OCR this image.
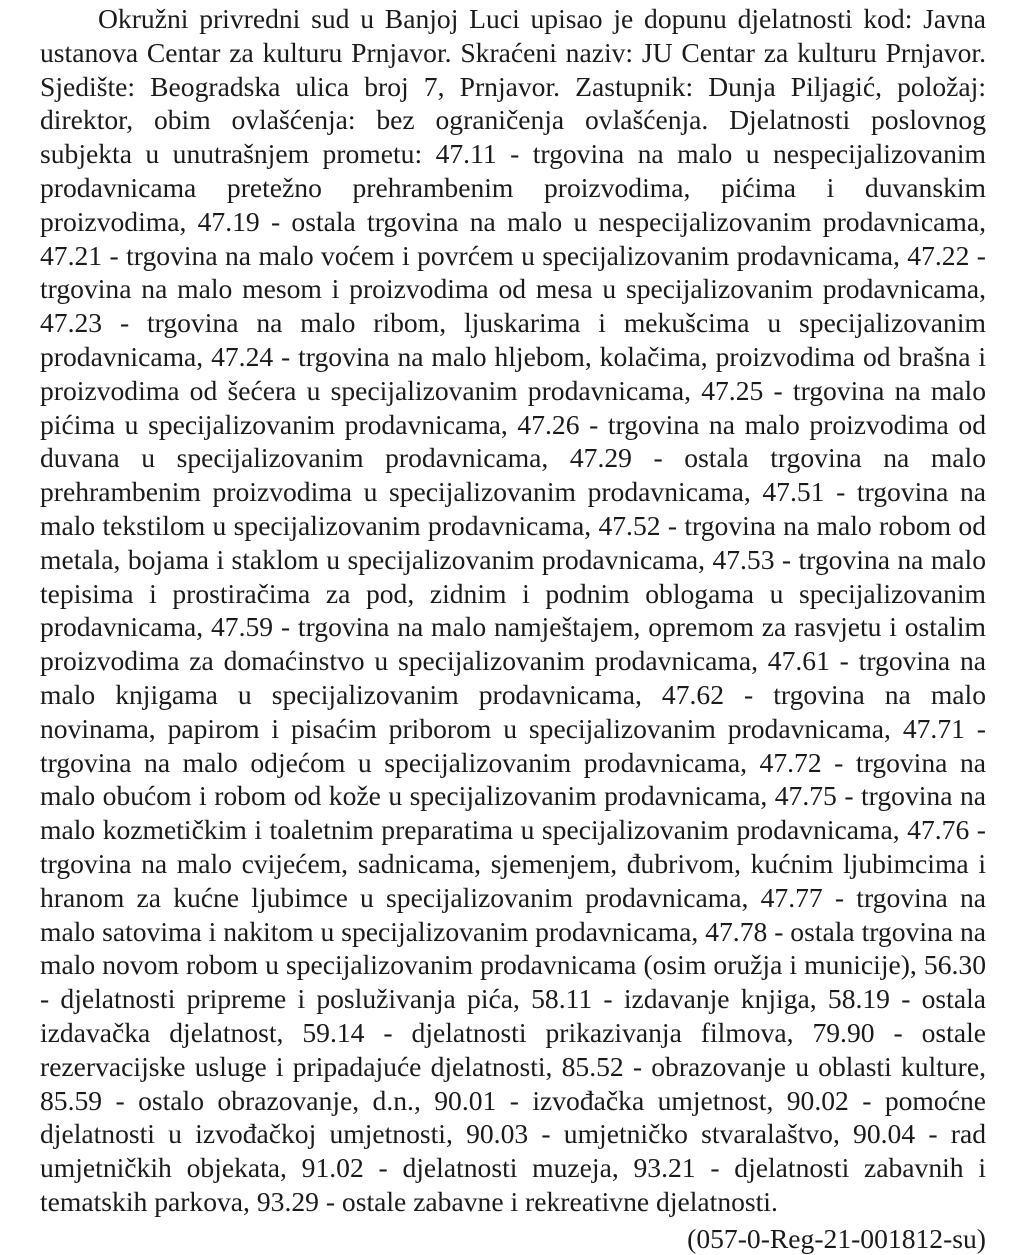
Okružni privredni sud u Banjoj Luci upisao je dopunu djelatnosti kod: Javna ustanova Centar za kulturu Prnjavor. Skraćeni naziv: JU Centar za kulturu Prnjavor. Sjedište: Beogradska ulica broj 7, Prnjavor. Zastupnik: Dunja Piljagić, položaj: direktor, obim ovlašćenja: bez ograničenja ovlašćenja. Djelatnosti poslovnog subjekta u unutrašnjem prometu: 47.11 - trgovina na malo u nespecijalizovanim prodavnicama pretežno prehrambenim proizvodima, pićima i duvanskim proizvodima, 47.19 - ostala trgovina na malo u nespecijalizovanim prodavnicama, 47.21 - trgovina na malo voćem i povrćem u specijalizovanim prodavnicama, 47.22 - trgovina na malo mesom i proizvodima od mesa u specijalizovanim prodavnicama, 47.23 - trgovina na malo ribom, ljuskarima i mekušcima u specijalizovanim prodavnicama, 47.24 - trgovina na malo hljebom, kolačima, proizvodima od brašna i proizvodima od šećera u specijalizovanim prodavnicama, 47.25 - trgovina na malo pićima u specijalizovanim prodavnicama, 47.26 - trgovina na malo proizvodima od duvana u specijalizovanim prodavnicama, 47.29 - ostala trgovina na malo prehrambenim proizvodima u specijalizovanim prodavnicama, 47.51 - trgovina na malo tekstilom u specijalizovanim prodavnicama, 47.52 - trgovina na malo robom od metala, bojama i staklom u specijalizovanim prodavnicama, 47.53 - trgovina na malo tepisima i prostiračima za pod, zidnim i podnim oblogama u specijalizovanim prodavnicama, 47.59 - trgovina na malo namještajem, opremom za rasvjetu i ostalim proizvodima za domaćinstvo u specijalizovanim prodavnicama, 47.61 - trgovina na malo knjigama u specijalizovanim prodavnicama, 47.62 - trgovina na malo novinama, papirom i pisaćim priborom u specijalizovanim prodavnicama, 47.71 - trgovina na malo odjećom u specijalizovanim prodavnicama, 47.72 - trgovina na malo obućom i robom od kože u specijalizovanim prodavnicama, 47.75 - trgovina na malo kozmetičkim i toaletnim preparatima u specijalizovanim prodavnicama, 47.76 - trgovina na malo cvijećem, sadnicama, sjemenjem, đubrivom, kućnim ljubimcima i hranom za kućne ljubimce u specijalizovanim prodavnicama, 47.77 - trgovina na malo satovima i nakitom u specijalizovanim prodavnicama, 47.78 - ostala trgovina na malo novom robom u specijalizovanim prodavnicama (osim oružja i municije), 56.30 - djelatnosti pripreme i posluživanja pića, 58.11 - izdavanje knjiga, 58.19 - ostala izdavačka djelatnost, 59.14 - djelatnosti prikazivanja filmova, 79.90 - ostale rezervacijske usluge i pripadajuće djelatnosti, 85.52 - obrazovanje u oblasti kulture, 85.59 - ostalo obrazovanje, d.n., 90.01 - izvođačka umjetnost, 90.02 - pomoćne djelatnosti u izvođačkoj umjetnosti, 90.03 - umjetničko stvaralaštvo, 90.04 - rad umjetničkih objekata, 91.02 - djelatnosti muzeja, 93.21 - djelatnosti zabavnih i tematskih parkova, 93.29 - ostale zabavne i rekreativne djelatnosti.

(057-0-Reg-21-001812-su)
